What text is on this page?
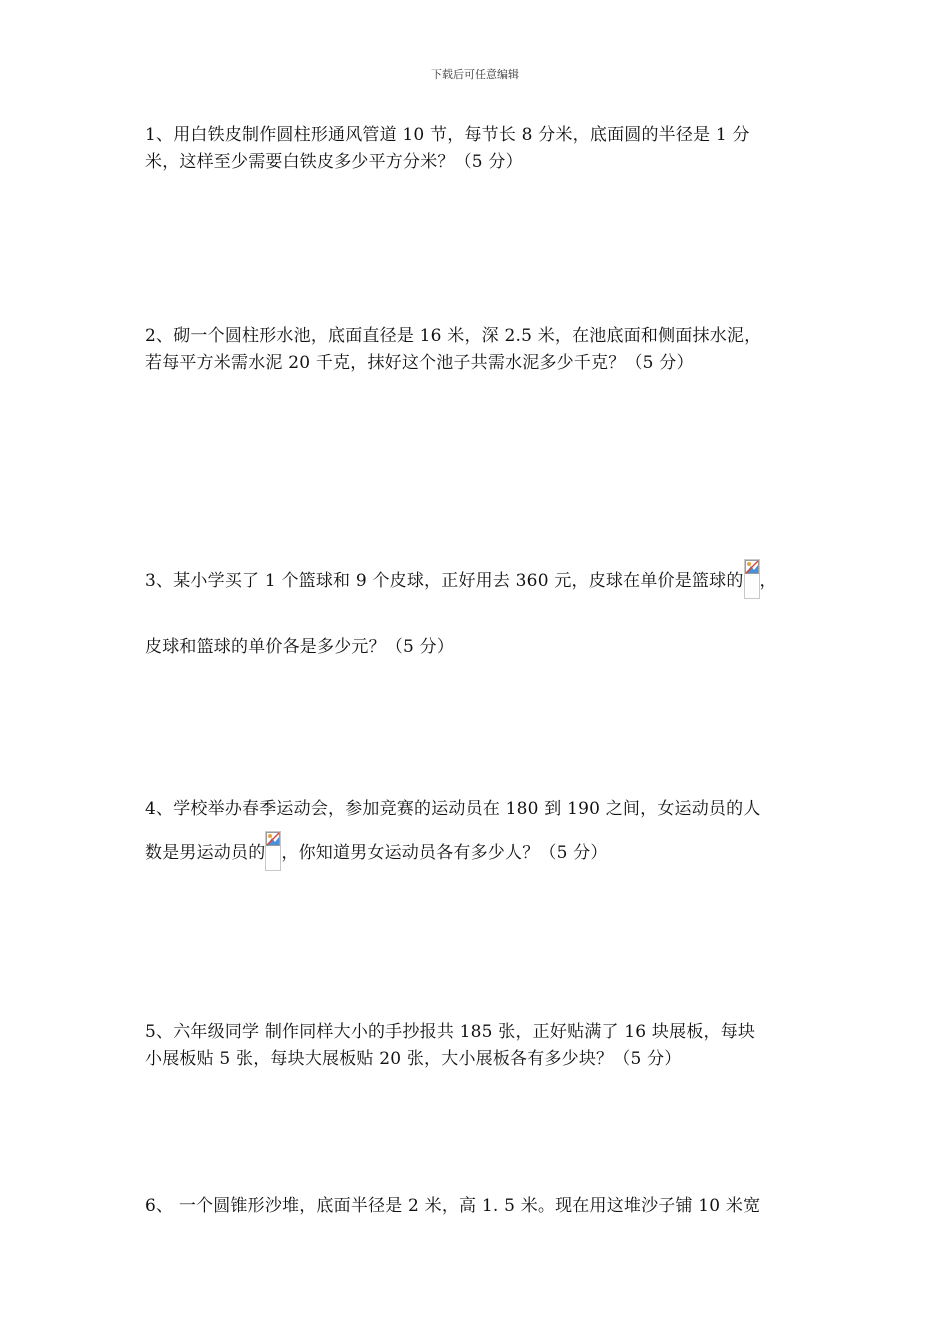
下载后可任意编辑

1、用白铁皮制作圆柱形通风管道 10 节，每节长 8 分米，底面圆的半径是 1 分

米，这样至少需要白铁皮多少平方分米？（5 分）

2、砌一个圆柱形水池，底面直径是 16 米，深 2.5 米，在池底面和侧面抹水泥，

若每平方米需水泥 20 千克，抹好这个池子共需水泥多少千克？（5 分）

3、某小学买了 1 个篮球和 9 个皮球，正好用去 360 元，皮球在单价是篮球的 ，

皮球和篮球的单价各是多少元？（5 分）

4、学校举办春季运动会，参加竞赛的运动员在 180 到 190 之间，女运动员的人

数是男运动员的 ，你知道男女运动员各有多少人？（5 分）

5、六年级同学 制作同样大小的手抄报共 185 张，正好贴满了 16 块展板，每块

小展板贴 5 张，每块大展板贴 20 张，大小展板各有多少块？（5 分）

6、 一个圆锥形沙堆，底面半径是 2 米，高 1. 5 米。现在用这堆沙子铺 10 米宽
